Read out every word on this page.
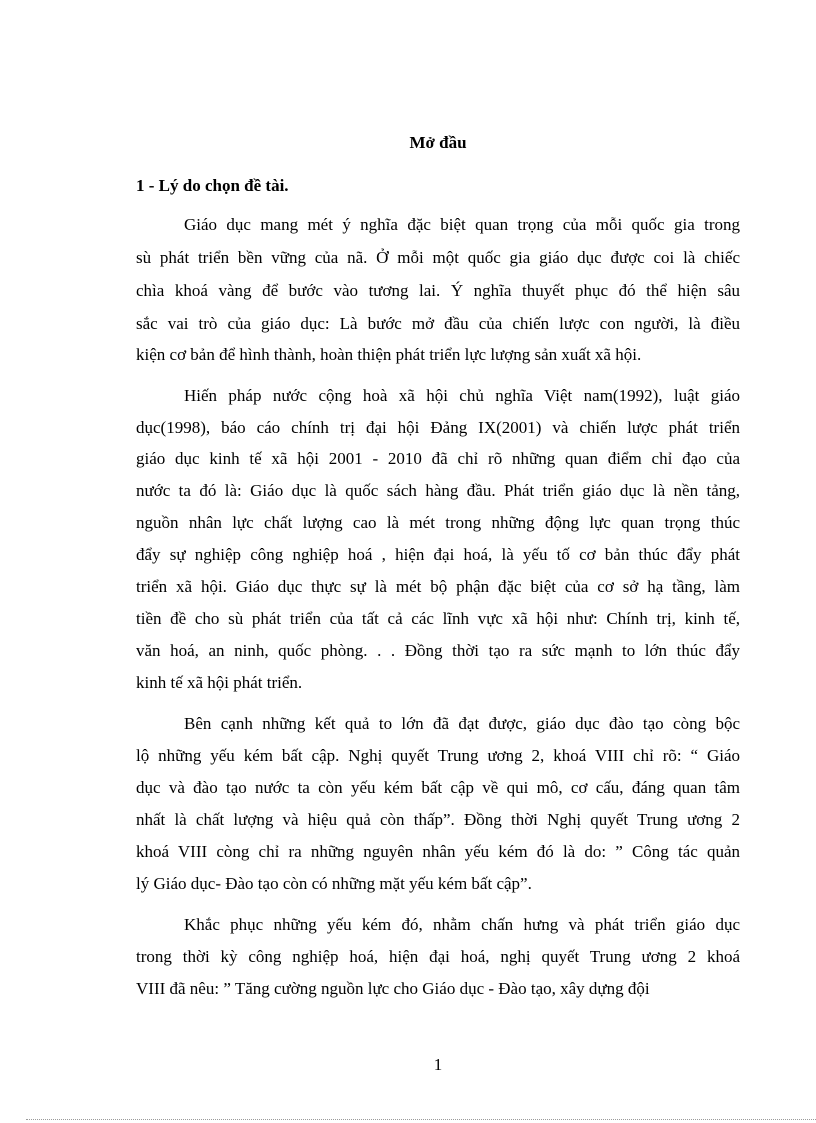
Mở đầu
1 - Lý do chọn đề tài.
Giáo dục mang mét ý nghĩa đặc biệt quan trọng của mỗi quốc gia trong
sù phát triển bền vững của nã. Ở mỗi một quốc gia giáo dục được coi là chiếc
chìa khoá vàng để bước vào tương lai. Ý nghĩa thuyết phục đó thể hiện sâu
sắc vai trò của giáo dục: Là bước mở đầu của chiến lược con người, là điều
kiện cơ bản để hình thành, hoàn thiện phát triển lực lượng sản xuất xã hội.
Hiến pháp nước cộng hoà xã hội chủ nghĩa Việt nam(1992), luật giáo
dục(1998), báo cáo chính trị đại hội Đảng IX(2001) và chiến lược phát triển
giáo dục kinh tế xã hội 2001 - 2010 đã chỉ rõ những quan điểm chỉ đạo của
nước ta đó là: Giáo dục là quốc sách hàng đầu. Phát triển giáo dục là nền tảng,
nguồn nhân lực chất lượng cao là mét trong những động lực quan trọng thúc
đẩy sự nghiệp công nghiệp hoá , hiện đại hoá, là yếu tố cơ bản thúc đẩy phát
triển xã hội. Giáo dục thực sự là mét bộ phận đặc biệt của cơ sở hạ tầng, làm
tiền đề cho sù phát triển của tất cả các lĩnh vực xã hội như: Chính trị, kinh tế,
văn hoá, an ninh, quốc phòng. . . Đồng thời tạo ra sức mạnh to lớn thúc đẩy
kinh tế xã hội phát triển.
Bên cạnh những kết quả to lớn đã đạt được, giáo dục đào tạo còng bộc
lộ những yếu kém bất cập. Nghị quyết Trung ương 2, khoá VIII chỉ rõ: “ Giáo
dục và đào tạo nước ta còn yếu kém bất cập về qui mô, cơ cấu, đáng quan tâm
nhất là chất lượng và hiệu quả còn thấp”. Đồng thời Nghị quyết Trung ương 2
khoá VIII còng chỉ ra những nguyên nhân yếu kém đó là do: ” Công tác quản
lý Giáo dục- Đào tạo còn có những mặt yếu kém bất cập”.
Khắc phục những yếu kém đó, nhằm chấn hưng và phát triển giáo dục
trong thời kỳ công nghiệp hoá, hiện đại hoá, nghị quyết Trung ương 2 khoá
VIII đã nêu: ” Tăng cường nguồn lực cho Giáo dục - Đào tạo, xây dựng đội
1
